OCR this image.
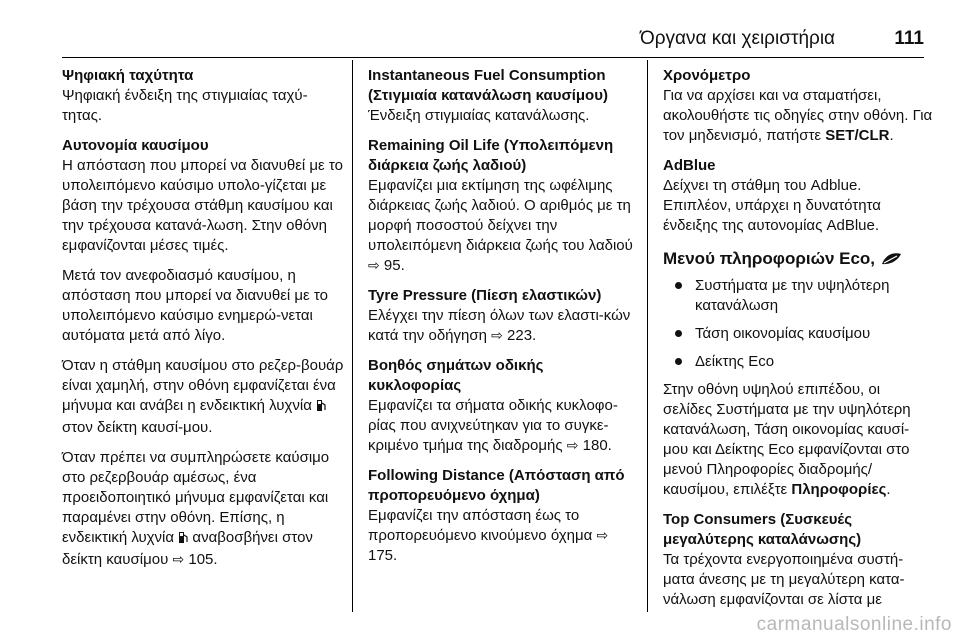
Όργανα και χειριστήρια	111

Ψηφιακή ταχύτητα

Ψηφιακή ένδειξη της στιγμιαίας ταχύ-τητας.

Αυτονομία καυσίμου

Η απόσταση που μπορεί να διανυθεί με το υπολειπόμενο καύσιμο υπολο-γίζεται με βάση την τρέχουσα στάθμη καυσίμου και την τρέχουσα κατανά-λωση. Στην οθόνη εμφανίζονται μέσες τιμές.

Μετά τον ανεφοδιασμό καυσίμου, η απόσταση που μπορεί να διανυθεί με το υπολειπόμενο καύσιμο ενημερώ-νεται αυτόματα μετά από λίγο.

Όταν η στάθμη καυσίμου στο ρεζερ-βουάρ είναι χαμηλή, στην οθόνη εμφανίζεται ένα μήνυμα και ανάβει η ενδεικτική λυχνία  στον δείκτη καυσί-μου.

Όταν πρέπει να συμπληρώσετε καύσιμο στο ρεζερβουάρ αμέσως, ένα προειδοποιητικό μήνυμα εμφανίζεται και παραμένει στην οθόνη. Επίσης, η ενδεικτική λυχνία αναβοσβήνει στον δείκτη καυσίμου ⇨ 105.

Instantaneous Fuel Consumption (Στιγμιαία κατανάλωση καυσίμου)

Ένδειξη στιγμιαίας κατανάλωσης.

Remaining Oil Life (Υπολειπόμενη διάρκεια ζωής λαδιού)

Εμφανίζει μια εκτίμηση της ωφέλιμης διάρκειας ζωής λαδιού. Ο αριθμός με τη μορφή ποσοστού δείχνει την υπολειπόμενη διάρκεια ζωής του λαδιού ⇨ 95.

Tyre Pressure (Πίεση ελαστικών)

Ελέγχει την πίεση όλων των ελαστι-κών κατά την οδήγηση ⇨ 223.

Βοηθός σημάτων οδικής κυκλοφορίας

Εμφανίζει τα σήματα οδικής κυκλοφο-ρίας που ανιχνεύτηκαν για το συγκε-κριμένο τμήμα της διαδρομής ⇨ 180.

Following Distance (Απόσταση από προπορευόμενο όχημα)

Εμφανίζει την απόσταση έως το προπορευόμενο κινούμενο όχημα ⇨ 175.

Χρονόμετρο

Για να αρχίσει και να σταματήσει, ακολουθήστε τις οδηγίες στην οθόνη. Για τον μηδενισμό, πατήστε SET/CLR.

AdBlue

Δείχνει τη στάθμη του Adblue. Επιπλέον, υπάρχει η δυνατότητα ένδειξης της αυτονομίας AdBlue.

Μενού πληροφοριών Eco,

Συστήματα με την υψηλότερη κατανάλωση
Τάση οικονομίας καυσίμου
Δείκτης Eco

Στην οθόνη υψηλού επιπέδου, οι σελίδες Συστήματα με την υψηλότερη κατανάλωση, Τάση οικονομίας καυσί-μου και Δείκτης Eco εμφανίζονται στο μενού Πληροφορίες διαδρομής/ καυσίμου, επιλέξτε Πληροφορίες.

Top Consumers (Συσκευές μεγαλύτερης καταλάνωσης)

Τα τρέχοντα ενεργοποιημένα συστή-ματα άνεσης με τη μεγαλύτερη κατα-νάλωση εμφανίζονται σε λίστα με

carmanualsonline.info
